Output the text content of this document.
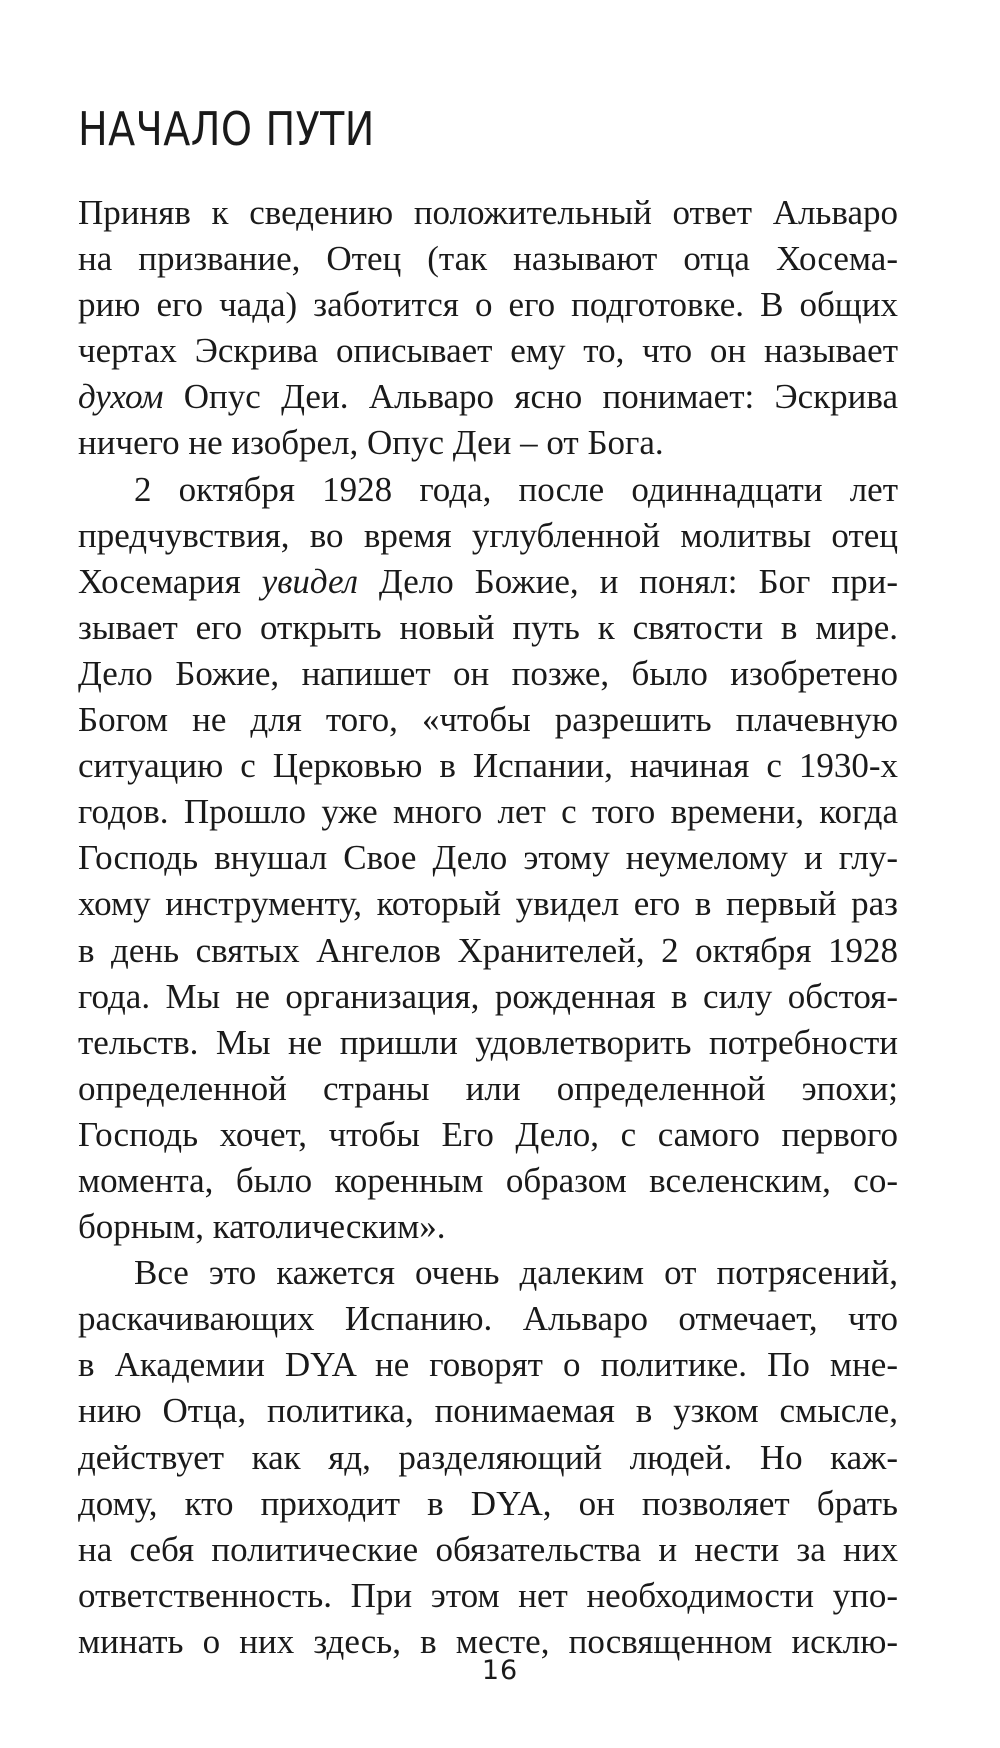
НАЧАЛО ПУТИ
Приняв к сведению положительный ответ Альваро
на призвание, Отец (так называют отца Хосема-
рию его чада) заботится о его подготовке. В общих
чертах Эскрива описывает ему то, что он называет
духом Опус Деи. Альваро ясно понимает: Эскрива
ничего не изобрел, Опус Деи – от Бога.
2 октября 1928 года, после одиннадцати лет
предчувствия, во время углубленной молитвы отец
Хосемария увидел Дело Божие, и понял: Бог при-
зывает его открыть новый путь к святости в мире.
Дело Божие, напишет он позже, было изобретено
Богом не для того, «чтобы разрешить плачевную
ситуацию с Церковью в Испании, начиная с 1930-х
годов. Прошло уже много лет с того времени, когда
Господь внушал Свое Дело этому неумелому и глу-
хому инструменту, который увидел его в первый раз
в день святых Ангелов Хранителей, 2 октября 1928
года. Мы не организация, рожденная в силу обстоя-
тельств. Мы не пришли удовлетворить потребности
определенной страны или определенной эпохи;
Господь хочет, чтобы Его Дело, с самого первого
момента, было коренным образом вселенским, со-
борным, католическим».
Все это кажется очень далеким от потрясений,
раскачивающих Испанию. Альваро отмечает, что
в Академии DYA не говорят о политике. По мне-
нию Отца, политика, понимаемая в узком смысле,
действует как яд, разделяющий людей. Но каж-
дому, кто приходит в DYA, он позволяет брать
на себя политические обязательства и нести за них
ответственность. При этом нет необходимости упо-
минать о них здесь, в месте, посвященном исклю-
16
